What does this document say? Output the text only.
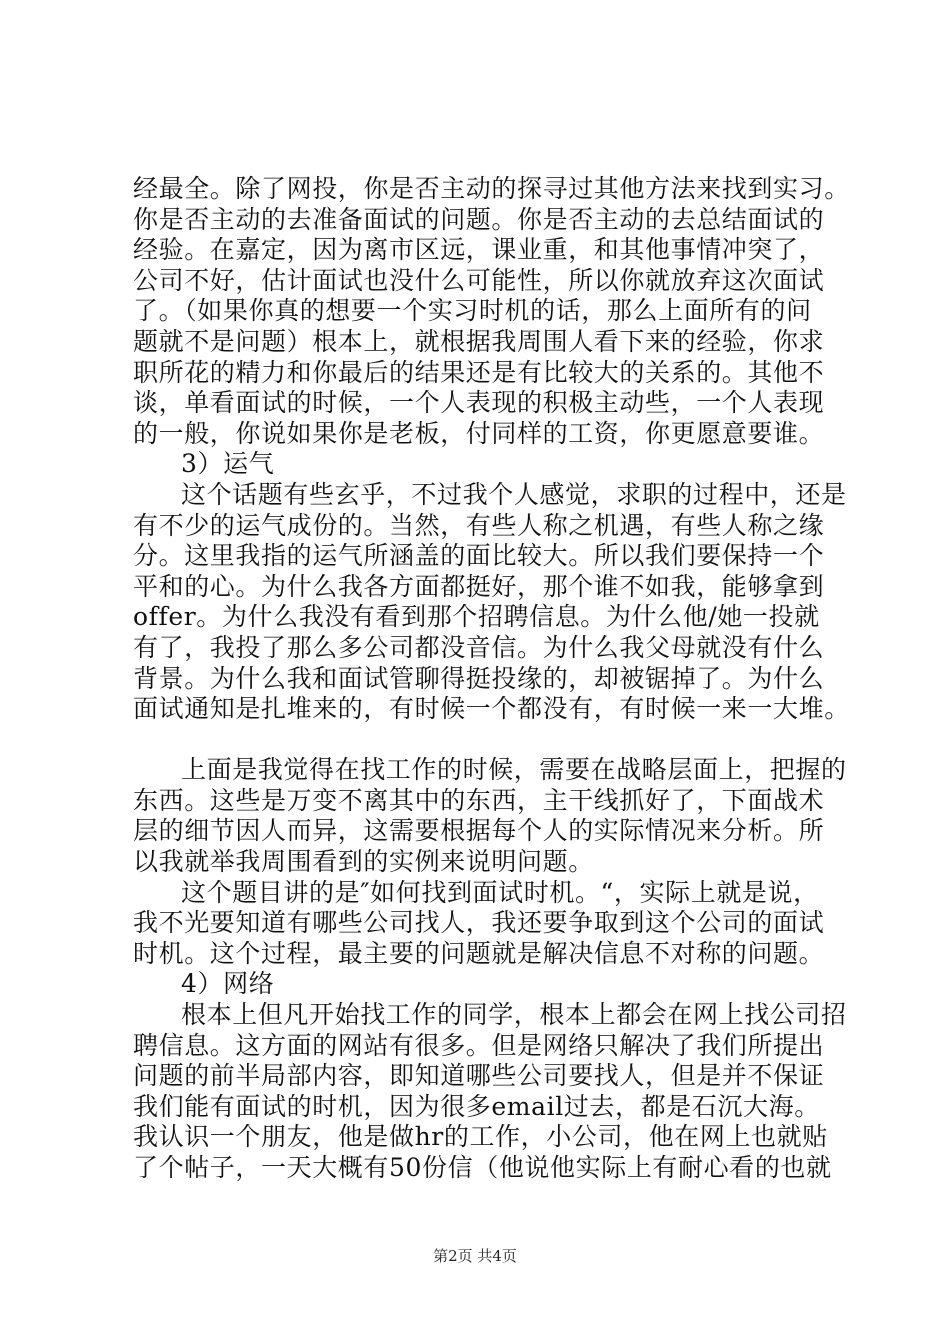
经最全。除了网投，你是否主动的探寻过其他方法来找到实习。
你是否主动的去准备面试的问题。你是否主动的去总结面试的
经验。在嘉定，因为离市区远，课业重，和其他事情冲突了，
公司不好，估计面试也没什么可能性，所以你就放弃这次面试
了。（如果你真的想要一个实习时机的话，那么上面所有的问
题就不是问题）根本上，就根据我周围人看下来的经验，你求
职所花的精力和你最后的结果还是有比较大的关系的。其他不
谈，单看面试的时候，一个人表现的积极主动些，一个人表现
的一般，你说如果你是老板，付同样的工资，你更愿意要谁。
3）运气
这个话题有些玄乎，不过我个人感觉，求职的过程中，还是
有不少的运气成份的。当然，有些人称之机遇，有些人称之缘
分。这里我指的运气所涵盖的面比较大。所以我们要保持一个
平和的心。为什么我各方面都挺好，那个谁不如我，能够拿到
offer。为什么我没有看到那个招聘信息。为什么他/她一投就
有了，我投了那么多公司都没音信。为什么我父母就没有什么
背景。为什么我和面试管聊得挺投缘的，却被锯掉了。为什么
面试通知是扎堆来的，有时候一个都没有，有时候一来一大堆。
上面是我觉得在找工作的时候，需要在战略层面上，把握的
东西。这些是万变不离其中的东西，主干线抓好了，下面战术
层的细节因人而异，这需要根据每个人的实际情况来分析。所
以我就举我周围看到的实例来说明问题。
这个题目讲的是″如何找到面试时机。“，实际上就是说，
我不光要知道有哪些公司找人，我还要争取到这个公司的面试
时机。这个过程，最主要的问题就是解决信息不对称的问题。
4）网络
根本上但凡开始找工作的同学，根本上都会在网上找公司招
聘信息。这方面的网站有很多。但是网络只解决了我们所提出
问题的前半局部内容，即知道哪些公司要找人，但是并不保证
我们能有面试的时机，因为很多email过去，都是石沉大海。
我认识一个朋友，他是做hr的工作，小公司，他在网上也就贴
了个帖子，一天大概有50份信（他说他实际上有耐心看的也就
第2页 共4页
